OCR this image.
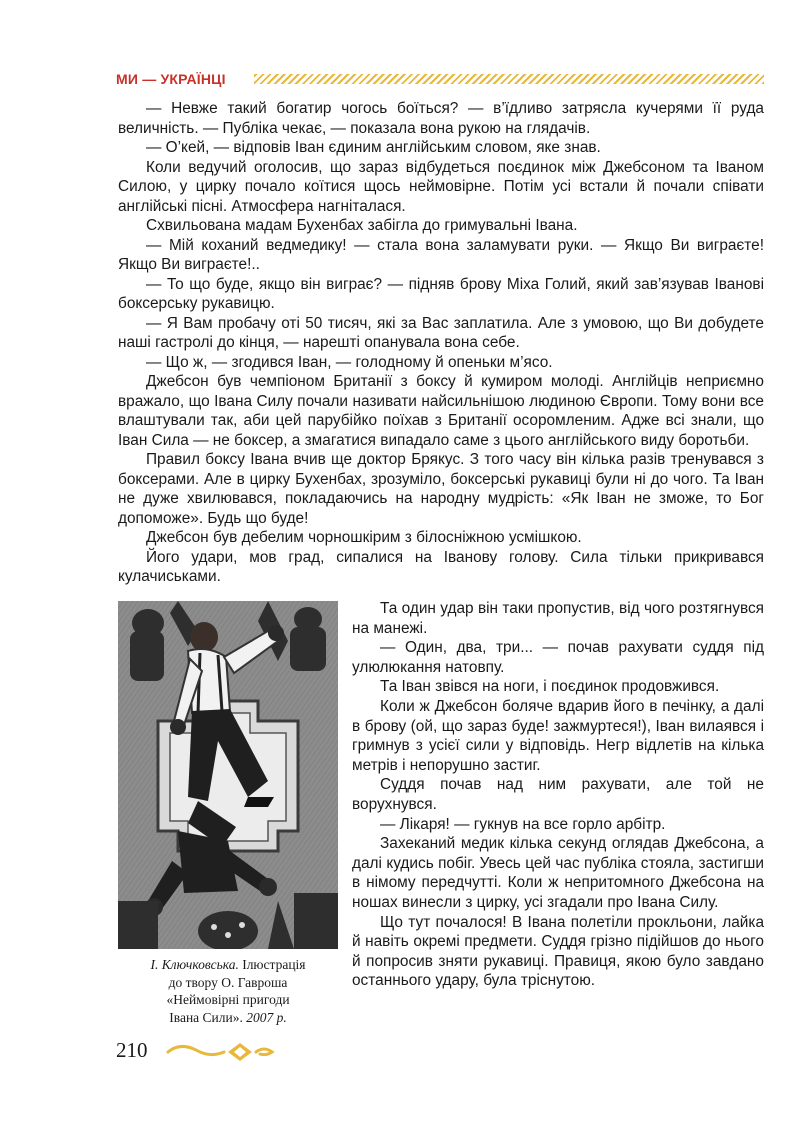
МИ — УКРАЇНЦІ

— Невже такий богатир чогось боїться? — в’їдливо затрясла кучерями її руда величність. — Публіка чекає, — показала вона рукою на глядачів.

— О’кей, — відповів Іван єдиним англійським словом, яке знав.

Коли ведучий оголосив, що зараз відбудеться поєдинок між Джебсоном та Іваном Силою, у цирку почало коїтися щось неймовірне. Потім усі встали й почали співати англійські пісні. Атмосфера нагніталася.

Схвильована мадам Бухенбах забігла до гримувальні Івана.

— Мій коханий ведмедику! — стала вона заламувати руки. — Якщо Ви виграєте! Якщо Ви виграєте!..

— То що буде, якщо він виграє? — підняв брову Міха Голий, який зав’язував Іванові боксерську рукавицю.

— Я Вам пробачу оті 50 тисяч, які за Вас заплатила. Але з умовою, що Ви добудете наші гастролі до кінця, — нарешті опанувала вона себе.

— Що ж, — згодився Іван, — голодному й опеньки м’ясо.

Джебсон був чемпіоном Британії з боксу й кумиром молоді. Англійців неприємно вражало, що Івана Силу почали називати найсильнішою людиною Європи. Тому вони все влаштували так, аби цей парубійко поїхав з Британії осоромленим. Адже всі знали, що Іван Сила — не боксер, а змагатися випадало саме з цього англійського виду боротьби.

Правил боксу Івана вчив ще доктор Брякус. З того часу він кілька разів тренувався з боксерами. Але в цирку Бухенбах, зрозуміло, боксерські рукавиці були ні до чого. Та Іван не дуже хвилювався, покладаючись на народну мудрість: «Як Іван не зможе, то Бог допоможе». Будь що буде!

Джебсон був дебелим чорношкірим з білосніжною усмішкою.

Його удари, мов град, сипалися на Іванову голову. Сила тільки прикривався кулачиськами.

І. Ключковська. Ілюстрація
до твору О. Гавроша
«Неймовірні пригоди
Івана Сили». 2007 р.

Та один удар він таки пропустив, від чого розтягнувся на манежі.

— Один, два, три... — почав рахувати суддя під улюлюкання натовпу.

Та Іван звівся на ноги, і поєдинок продовжився.

Коли ж Джебсон боляче вдарив його в печінку, а далі в брову (ой, що зараз буде! зажмуртеся!), Іван вилаявся і гримнув з усієї сили у відповідь. Негр відлетів на кілька метрів і непорушно застиг.

Суддя почав над ним рахувати, але той не ворухнувся.

— Лікаря! — гукнув на все горло арбітр.

Захеканий медик кілька секунд оглядав Джебсона, а далі кудись побіг. Увесь цей час публіка стояла, застигши в німому передчутті. Коли ж непритомного Джебсона на ношах винесли з цирку, усі згадали про Івана Силу.

Що тут почалося! В Івана полетіли прокльони, лайка й навіть окремі предмети. Суддя грізно підійшов до нього й попросив зняти рукавиці. Правиця, якою було завдано останнього удару, була тріснутою.

210
